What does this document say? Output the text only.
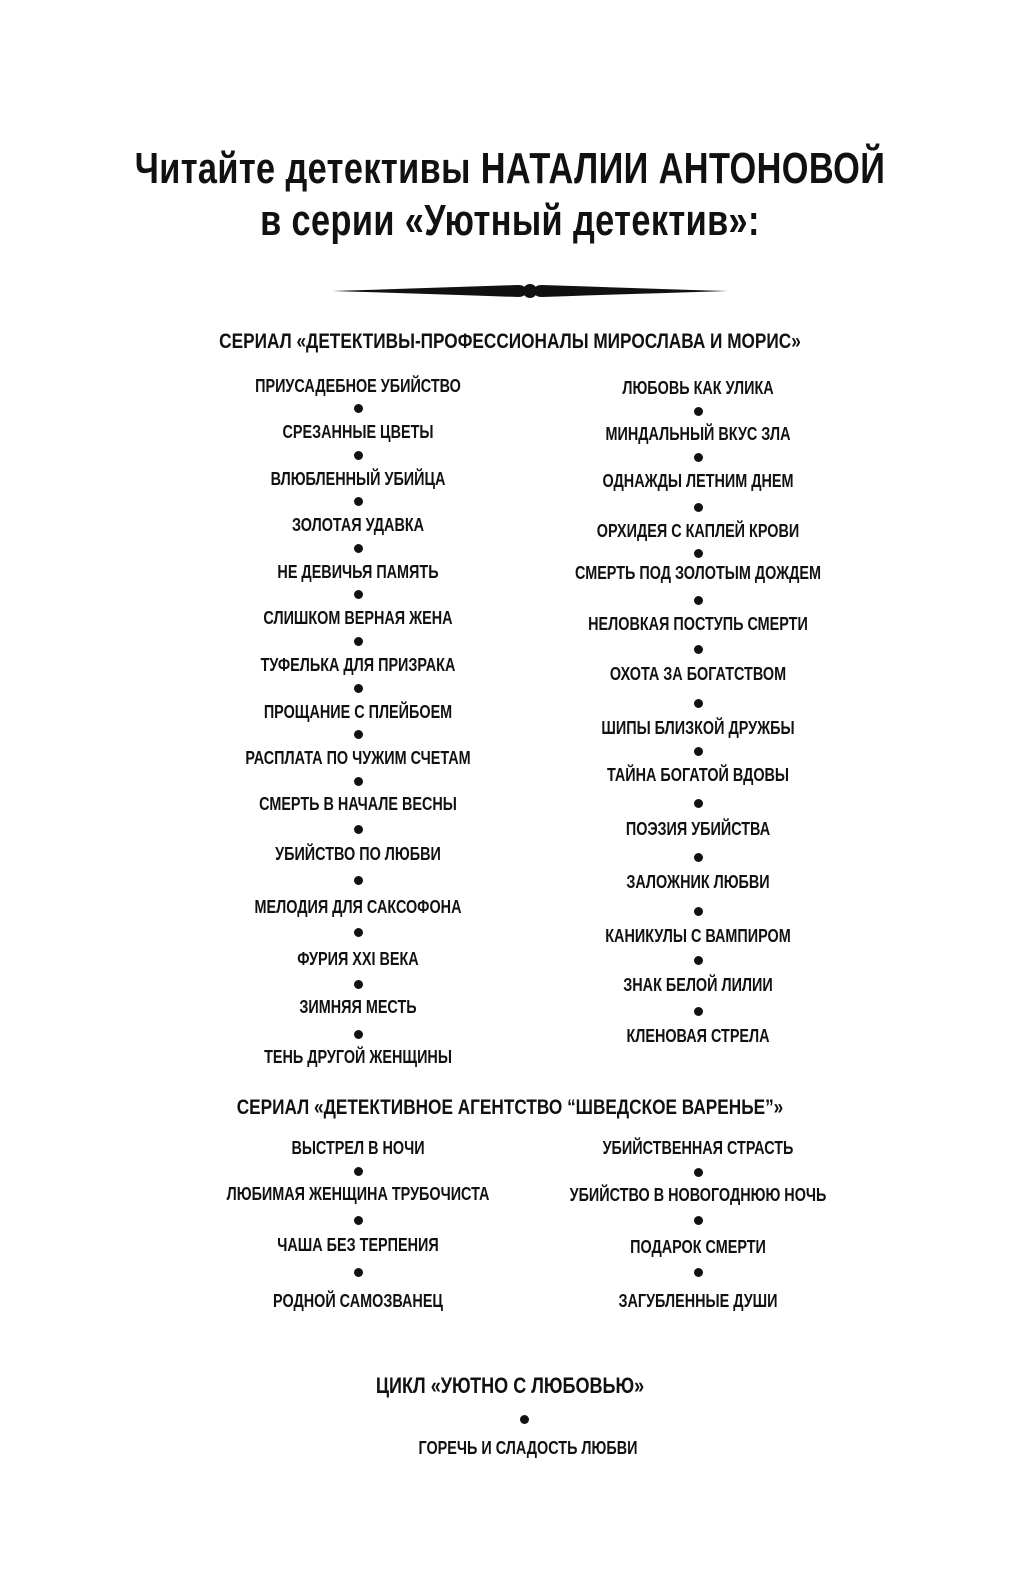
Читайте детективы НАТАЛИИ АНТОНОВОЙ
в серии «Уютный детектив»:
СЕРИАЛ «ДЕТЕКТИВЫ-ПРОФЕССИОНАЛЫ МИРОСЛАВА И МОРИС»
ПРИУСАДЕБНОЕ УБИЙСТВО
СРЕЗАННЫЕ ЦВЕТЫ
ВЛЮБЛЕННЫЙ УБИЙЦА
ЗОЛОТАЯ УДАВКА
НЕ ДЕВИЧЬЯ ПАМЯТЬ
СЛИШКОМ ВЕРНАЯ ЖЕНА
ТУФЕЛЬКА ДЛЯ ПРИЗРАКА
ПРОЩАНИЕ С ПЛЕЙБОЕМ
РАСПЛАТА ПО ЧУЖИМ СЧЕТАМ
СМЕРТЬ В НАЧАЛЕ ВЕСНЫ
УБИЙСТВО ПО ЛЮБВИ
МЕЛОДИЯ ДЛЯ САКСОФОНА
ФУРИЯ XXI ВЕКА
ЗИМНЯЯ МЕСТЬ
ТЕНЬ ДРУГОЙ ЖЕНЩИНЫ
ЛЮБОВЬ КАК УЛИКА
МИНДАЛЬНЫЙ ВКУС ЗЛА
ОДНАЖДЫ ЛЕТНИМ ДНЕМ
ОРХИДЕЯ С КАПЛЕЙ КРОВИ
СМЕРТЬ ПОД ЗОЛОТЫМ ДОЖДЕМ
НЕЛОВКАЯ ПОСТУПЬ СМЕРТИ
ОХОТА ЗА БОГАТСТВОМ
ШИПЫ БЛИЗКОЙ ДРУЖБЫ
ТАЙНА БОГАТОЙ ВДОВЫ
ПОЭЗИЯ УБИЙСТВА
ЗАЛОЖНИК ЛЮБВИ
КАНИКУЛЫ С ВАМПИРОМ
ЗНАК БЕЛОЙ ЛИЛИИ
КЛЕНОВАЯ СТРЕЛА
СЕРИАЛ «ДЕТЕКТИВНОЕ АГЕНТСТВО “ШВЕДСКОЕ ВАРЕНЬЕ”»
ВЫСТРЕЛ В НОЧИ
ЛЮБИМАЯ ЖЕНЩИНА ТРУБОЧИСТА
ЧАША БЕЗ ТЕРПЕНИЯ
РОДНОЙ САМОЗВАНЕЦ
УБИЙСТВЕННАЯ СТРАСТЬ
УБИЙСТВО В НОВОГОДНЮЮ НОЧЬ
ПОДАРОК СМЕРТИ
ЗАГУБЛЕННЫЕ ДУШИ
ЦИКЛ «УЮТНО С ЛЮБОВЬЮ»
ГОРЕЧЬ И СЛАДОСТЬ ЛЮБВИ
